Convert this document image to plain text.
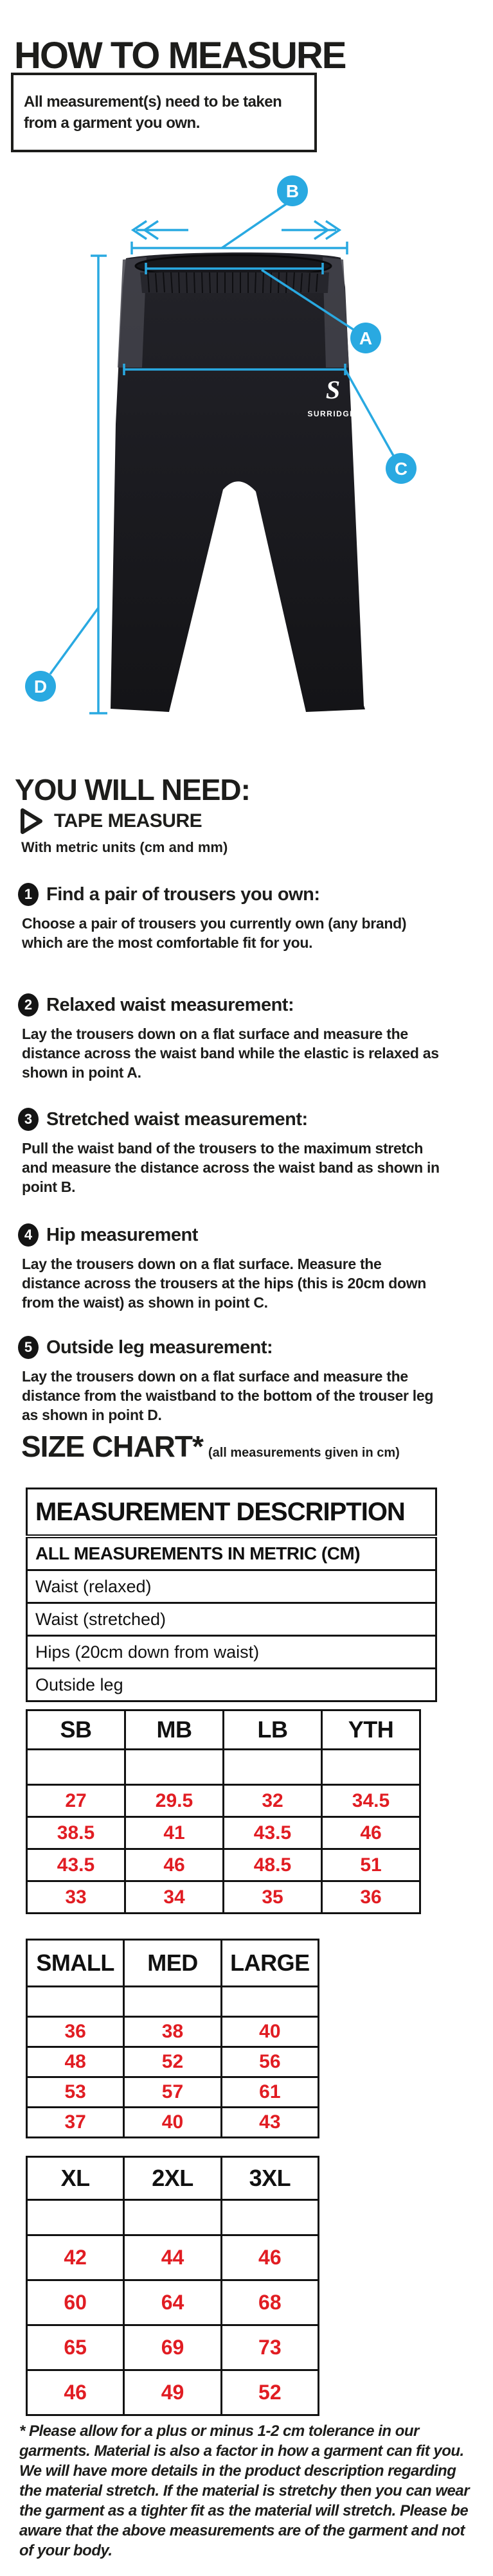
HOW TO MEASURE

All measurement(s) need to be taken from a garment you own.

S
SURRIDGE
B
A
C
D
YOU WILL NEED:
TAPE MEASURE
With metric units (cm and mm)
1 Find a pair of trousers you own:

Choose a pair of trousers you currently own (any brand) which are the most comfortable fit for you.

2 Relaxed waist measurement:

Lay the trousers down on a flat surface and measure the distance across the waist band while the elastic is relaxed as shown in point A.

3 Stretched waist measurement:

Pull the waist band of the trousers to the maximum stretch and measure the distance across the waist band as shown in point B.

4 Hip measurement

Lay the trousers down on a flat surface. Measure the distance across the trousers at the hips (this is 20cm down from the waist) as shown in point C.

5 Outside leg measurement:

Lay the trousers down on a flat surface and measure the distance from the waistband to the bottom of the trouser leg as shown in point D.

SIZE CHART* (all measurements given in cm)
MEASUREMENT DESCRIPTION
ALL MEASUREMENTS IN METRIC (CM)
Waist (relaxed)
Waist (stretched)
Hips (20cm down from waist)
Outside leg
SB	MB	LB	YTH

27	29.5	32	34.5
38.5	41	43.5	46
43.5	46	48.5	51
33	34	35	36
SMALL	MED	LARGE

36	38	40
48	52	56
53	57	61
37	40	43
XL	2XL	3XL

42	44	46
60	64	68
65	69	73
46	49	52

* Please allow for a plus or minus 1-2 cm tolerance in our garments. Material is also a factor in how a garment can fit you. We will have more details in the product description regarding the material stretch. If the material is stretchy then you can wear the garment as a tighter fit as the material will stretch. Please be aware that the above measurements are of the garment and not of your body.
